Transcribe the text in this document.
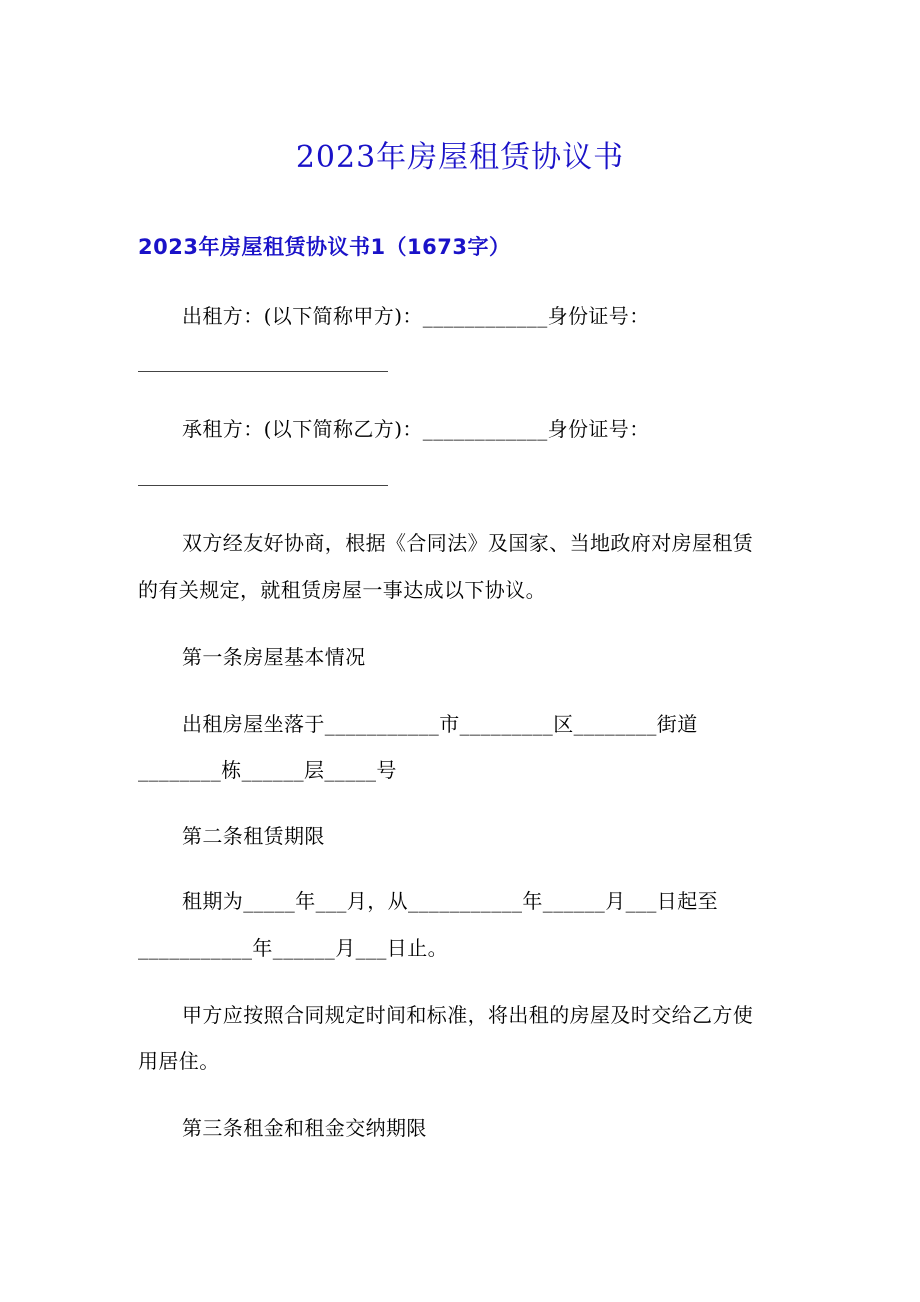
2023年房屋租赁协议书
2023年房屋租赁协议书1（1673字）
出租方：(以下简称甲方)：____________身份证号：
承租方：(以下简称乙方)：____________身份证号：
双方经友好协商，根据《合同法》及国家、当地政府对房屋租赁
的有关规定，就租赁房屋一事达成以下协议。
第一条房屋基本情况
出租房屋坐落于___________市_________区________街道
________栋______层_____号
第二条租赁期限
租期为_____年___月，从___________年______月___日起至
___________年______月___日止。
甲方应按照合同规定时间和标准，将出租的房屋及时交给乙方使
用居住。
第三条租金和租金交纳期限
